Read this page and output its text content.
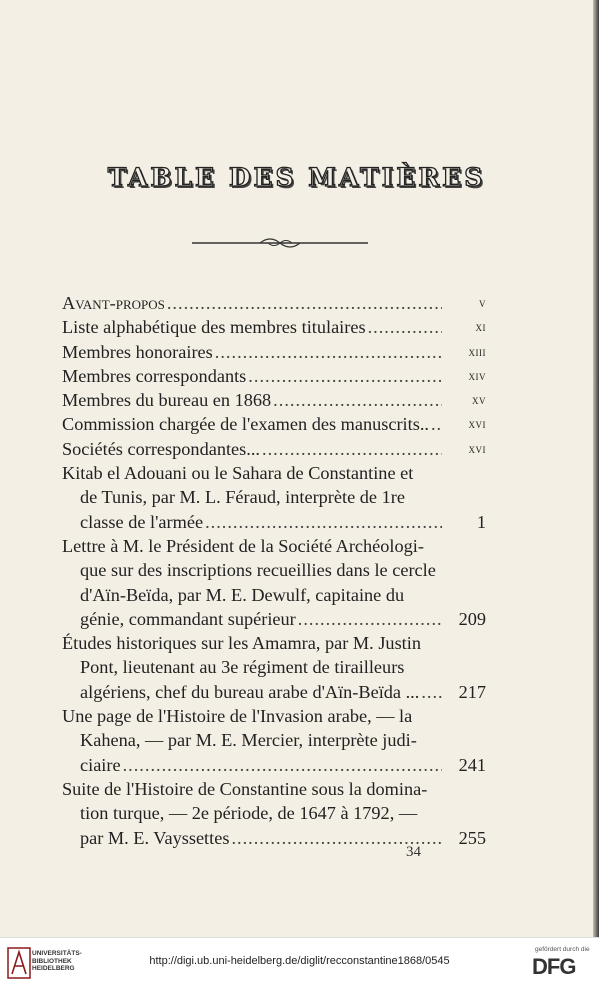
TABLE DES MATIÈRES
Avant-propos .....	v
Liste alphabétique des membres titulaires .....	xi
Membres honoraires .....	xiii
Membres correspondants .....	xiv
Membres du bureau en 1868 .....	xv
Commission chargée de l'examen des manuscrits.. .....	xvi
Sociétés correspondantes... .....	xvi
Kitab el Adouani ou le Sahara de Constantine et
de Tunis, par M. L. Féraud, interprète de 1re
classe de l'armée .....	1
Lettre à M. le Président de la Société Archéologi-
que sur des inscriptions recueillies dans le cercle
d'Aïn-Beïda, par M. E. Dewulf, capitaine du
génie, commandant supérieur .....	209
Études historiques sur les Amamra, par M. Justin
Pont, lieutenant au 3e régiment de tirailleurs
algériens, chef du bureau arabe d'Aïn-Beïda ... .....	217
Une page de l'Histoire de l'Invasion arabe, — la
Kahena, — par M. E. Mercier, interprète judi-
ciaire .....	241
Suite de l'Histoire de Constantine sous la domina-
tion turque, — 2e période, de 1647 à 1792, —
par M. E. Vayssettes .....	255
34
UNIVERSITÄTS-
BIBLIOTHEK
HEIDELBERG
http://digi.ub.uni-heidelberg.de/diglit/recconstantine1868/0545
gefördert durch die
DFG
